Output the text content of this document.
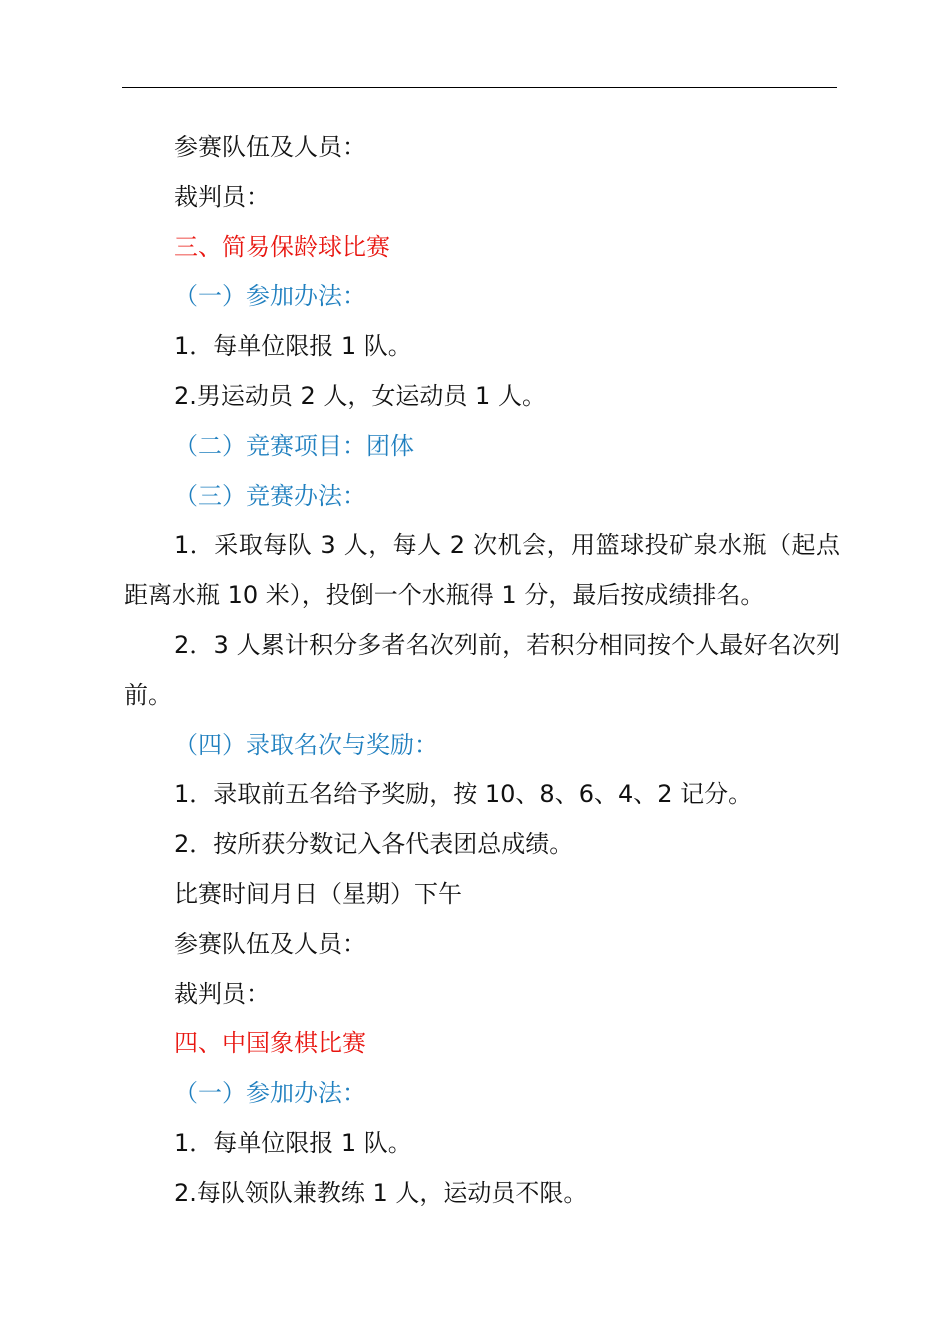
参赛队伍及人员：

裁判员：

三、简易保龄球比赛

（一）参加办法：

1．每单位限报 1 队。

2.男运动员 2 人，女运动员 1 人。

（二）竞赛项目：团体

（三）竞赛办法：

1．采取每队 3 人，每人 2 次机会，用篮球投矿泉水瓶（起点距离水瓶 10 米），投倒一个水瓶得 1 分，最后按成绩排名。

2．3 人累计积分多者名次列前，若积分相同按个人最好名次列前。

（四）录取名次与奖励：

1．录取前五名给予奖励，按 10、8、6、4、2 记分。

2．按所获分数记入各代表团总成绩。

比赛时间月日（星期）下午

参赛队伍及人员：

裁判员：

四、中国象棋比赛

（一）参加办法：

1．每单位限报 1 队。

2.每队领队兼教练 1 人，运动员不限。
